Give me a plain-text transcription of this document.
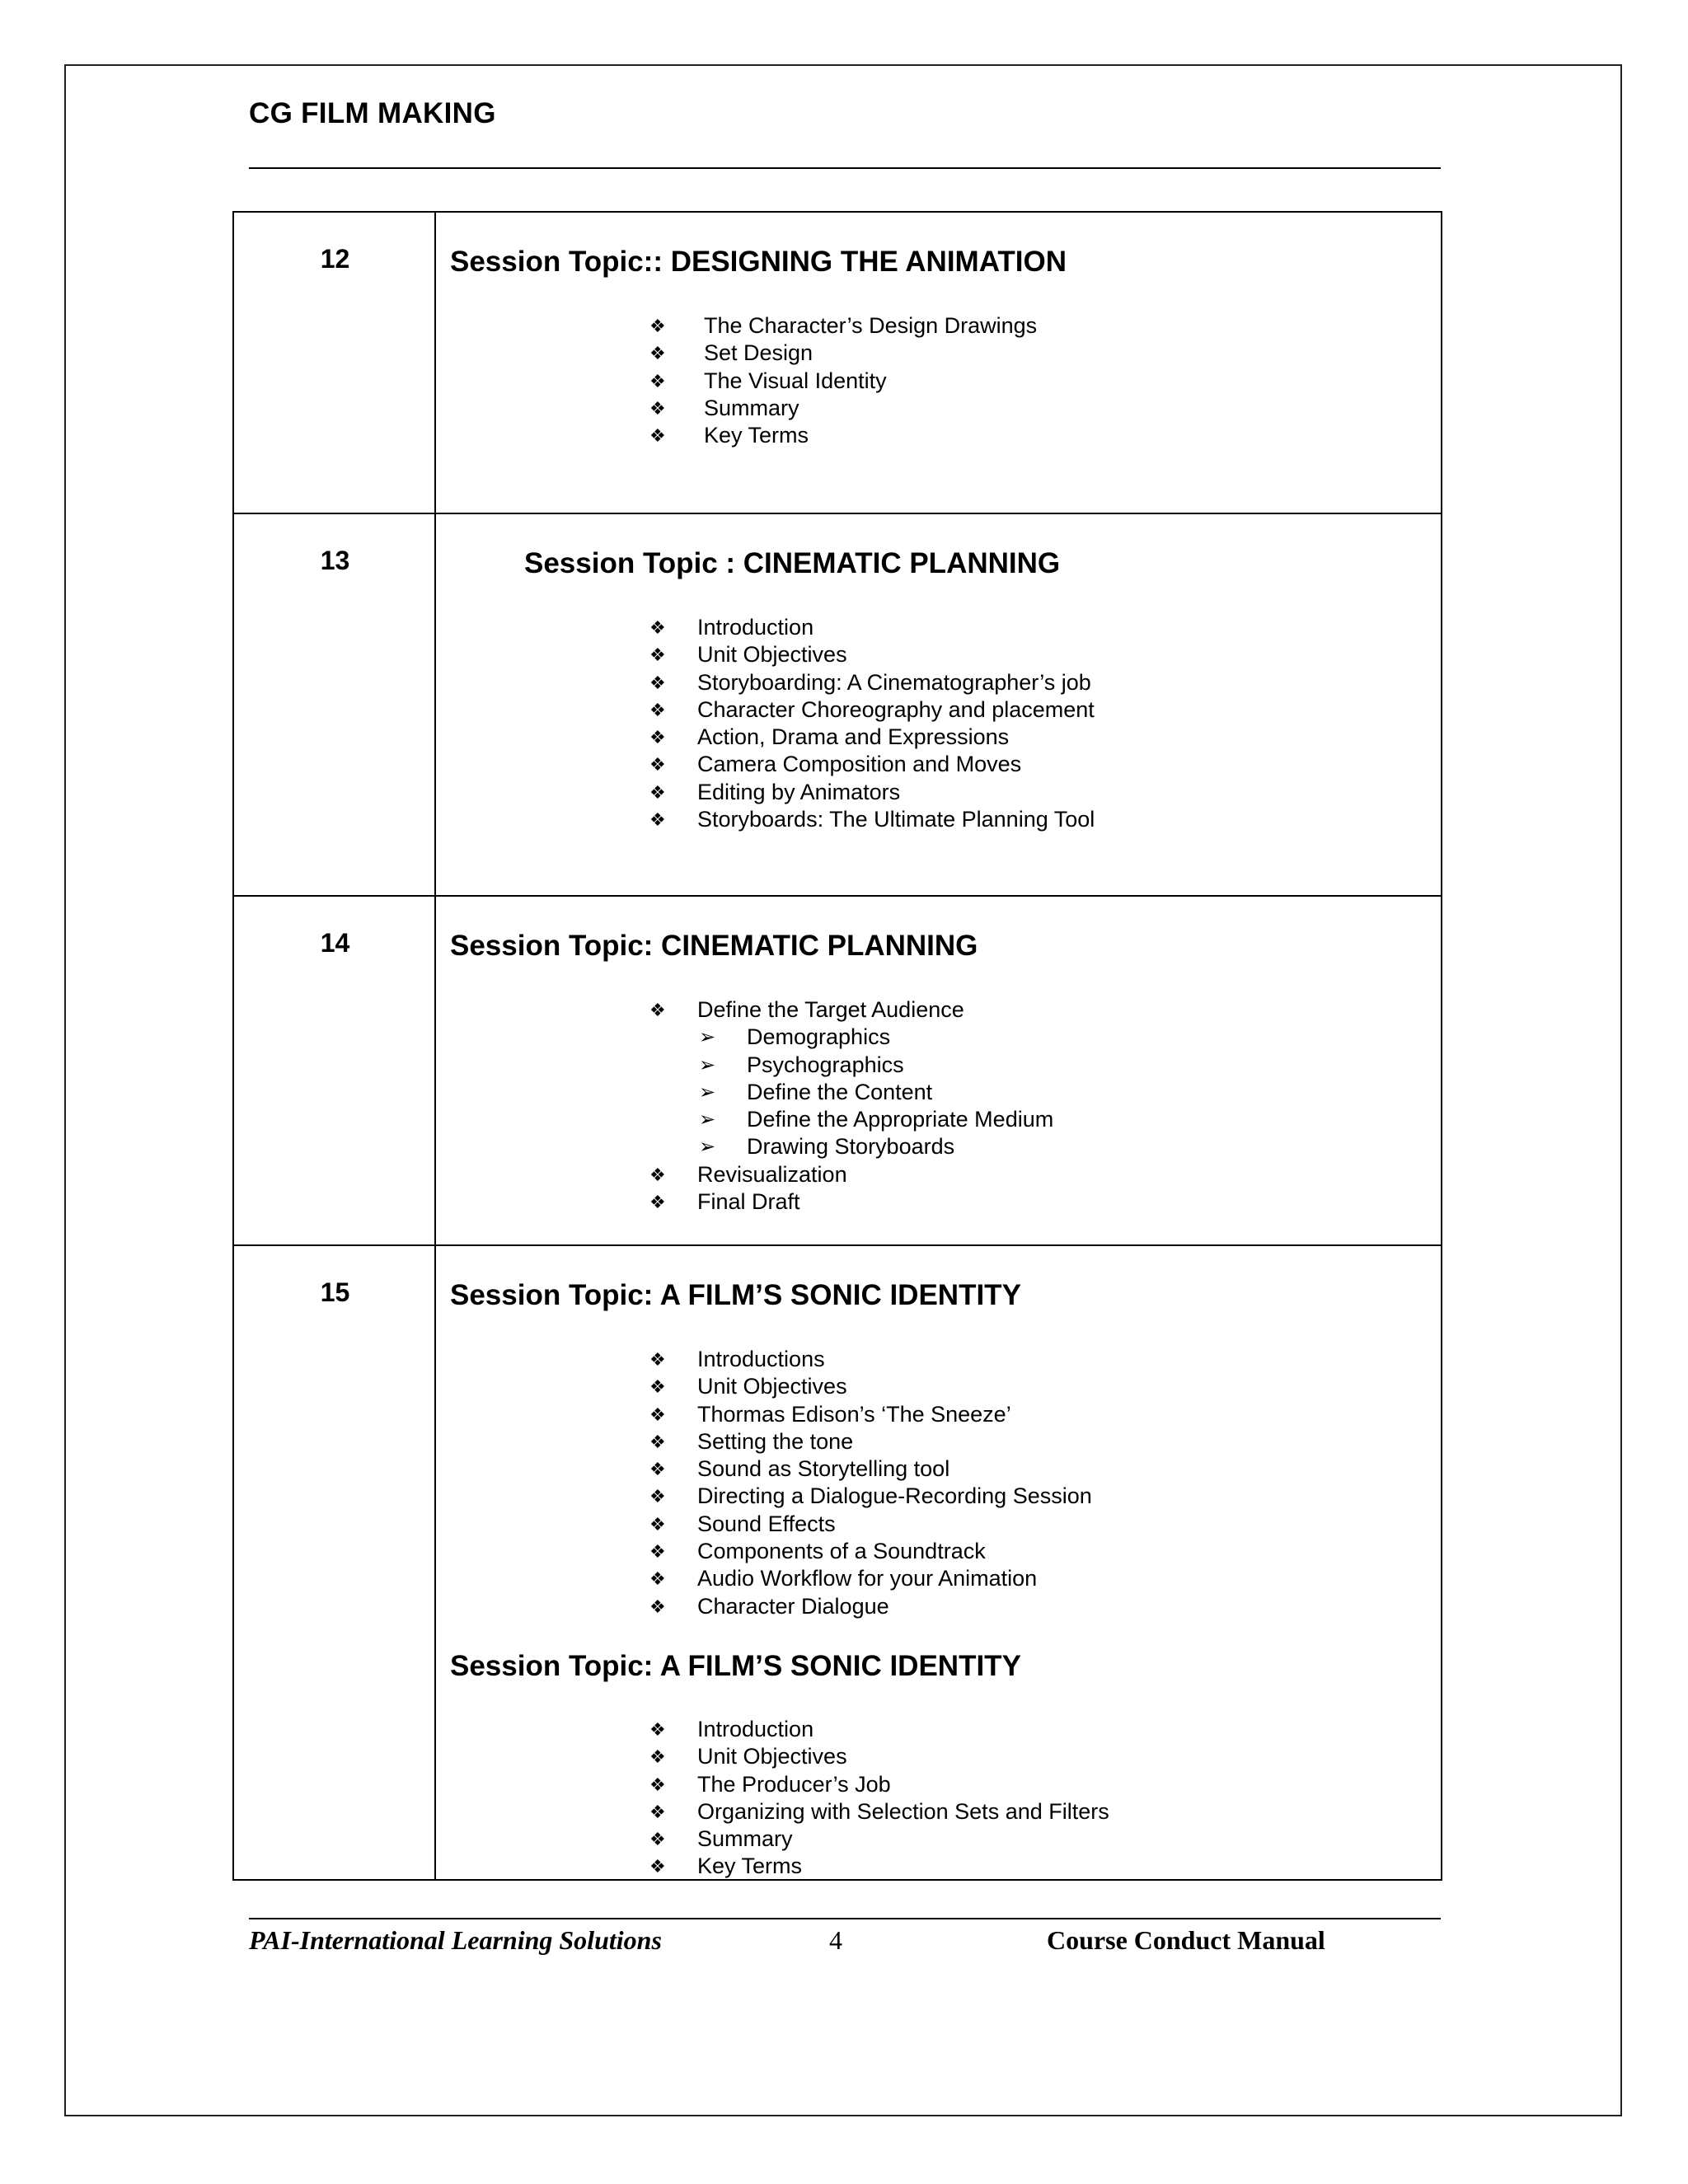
CG FILM MAKING
12	Session Topic:: DESIGNING THE ANIMATION
❖ The Character’s Design Drawings
❖ Set Design
❖ The Visual Identity
❖ Summary
❖ Key Terms
13	Session Topic : CINEMATIC PLANNING
❖ Introduction
❖ Unit Objectives
❖ Storyboarding: A Cinematographer’s job
❖ Character Choreography and placement
❖ Action, Drama and Expressions
❖ Camera Composition and Moves
❖ Editing by Animators
❖ Storyboards: The Ultimate Planning Tool
14	Session Topic: CINEMATIC PLANNING
❖ Define the Target Audience
➢ Demographics
➢ Psychographics
➢ Define the Content
➢ Define the Appropriate Medium
➢ Drawing Storyboards
❖ Revisualization
❖ Final Draft
15	Session Topic: A FILM’S SONIC IDENTITY
❖ Introductions
❖ Unit Objectives
❖ Thormas Edison’s ‘The Sneeze’
❖ Setting the tone
❖ Sound as Storytelling tool
❖ Directing a Dialogue-Recording Session
❖ Sound Effects
❖ Components of a Soundtrack
❖ Audio Workflow for your Animation
❖ Character Dialogue
Session Topic: A FILM’S SONIC IDENTITY
❖ Introduction
❖ Unit Objectives
❖ The Producer’s Job
❖ Organizing with Selection Sets and Filters
❖ Summary
❖ Key Terms
PAI-International Learning Solutions	4	Course Conduct Manual
